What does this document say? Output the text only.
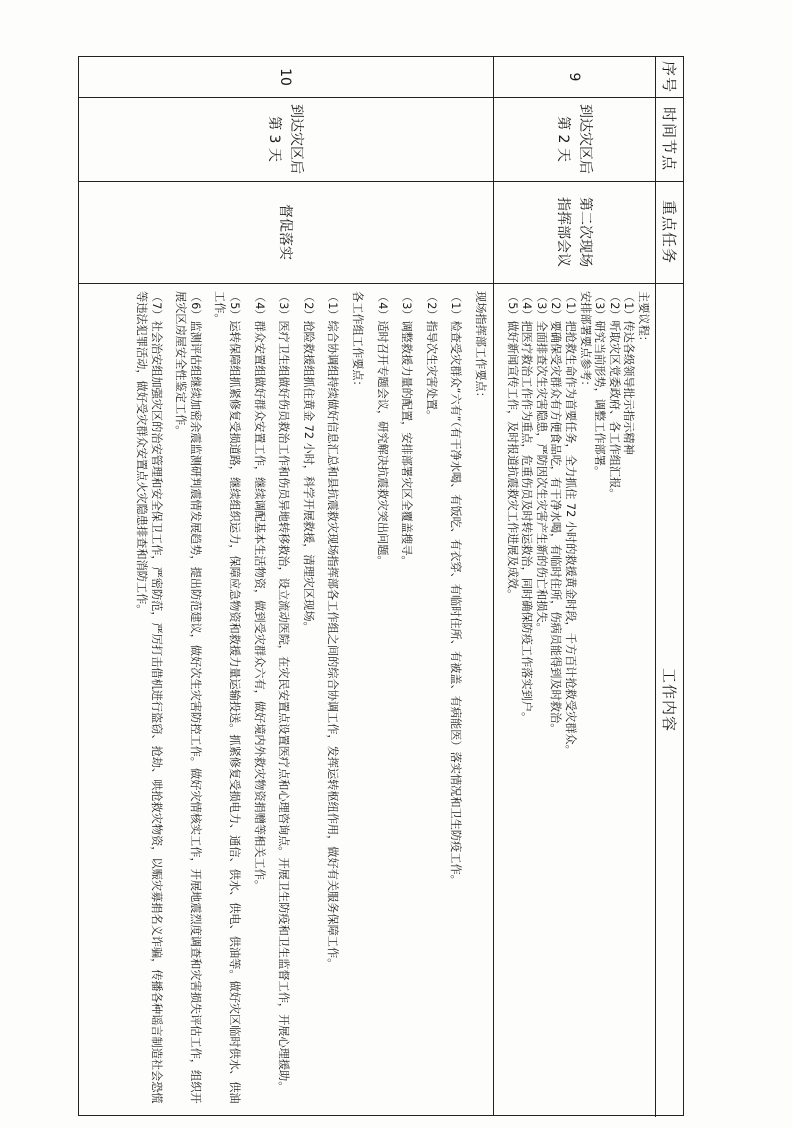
序号
时间节点
重点任务
工作内容
9
到达灾区后第 2 天
第二次现场指挥部会议
主要议程：
（1）传达各级领导批示指示精神
（2）听取灾区党委政府、各工作组汇报。
（3）研究当前形势，调整工作部署。
安排部署要点参考：
（1）把抢救生命作为首要任务，全力抓住 72 小时的救援黄金时段，千方百计抢救受灾群众。
（2）要确保受灾群众有方便食品吃，有干净水喝，有临时住所，伤病员能得到及时救治。
（3）全面排查次生灾害隐患，严防因次生灾害产生新的伤亡和损失。
（4）把医疗救治工作作为重点，危重伤员及时转运救治，同时确保防疫工作落实到户。
（5）做好新闻宣传工作，及时报道抗震救灾工作进展及成效。
10
到达灾区后第 3 天
督促落实
现场指挥部工作要点：
（1）检查受灾群众“六有”（有干净水喝、有饭吃、有衣穿、有临时住所、有被盖、有病能医）落实情况和卫生防疫工作。
（2）指导次生灾害处置。
（3）调整救援力量的配置，安排部署灾区全覆盖搜寻。
（4）适时召开专题会议，研究解决抗震救灾突出问题。
各工作组工作要点：
（1）综合协调组持续做好信息汇总和县抗震救灾现场指挥部各工作组之间的综合协调工作，发挥运转枢纽作用，做好有关服务保障工作。
（2）抢险救援组抓住黄金 72 小时，科学开展救援，清理灾区现场。
（3）医疗卫生组做好伤员救治工作和伤员异地转移救治，设立流动医院，在灾民安置点设置医疗点和心理咨询点。开展卫生防疫和卫生监督工作，开展心理援助。
（4）群众安置组做好群众安置工作，继续调配基本生活物资，做到受灾群众六有，做好境内外救灾物资捐赠等相关工作。
（5）运转保障组抓紧修复受损道路，继续组织运力，保障应急物资和救援力量运输投送。抓紧修复受损电力、通信、供水、供电、供油等。做好灾区临时供水、供油工作。
（6）监测评估组继续加密余震监测研判震情发展趋势，提出防范建议，做好次生灾害防控工作。做好灾情核实工作，开展地震烈度调查和灾害损失评估工作，组织开展灾区房屋安全性鉴定工作。
（7）社会治安组加强灾区的治安管理和安全保卫工作，严密防范，严厉打击借机进行盗窃、抢劫、哄抢救灾物资，以赈灾募捐名义诈骗，传播各种谣言制造社会恐慌等违法犯罪活动，做好受灾群众安置点火灾隐患排查和消防工作。
